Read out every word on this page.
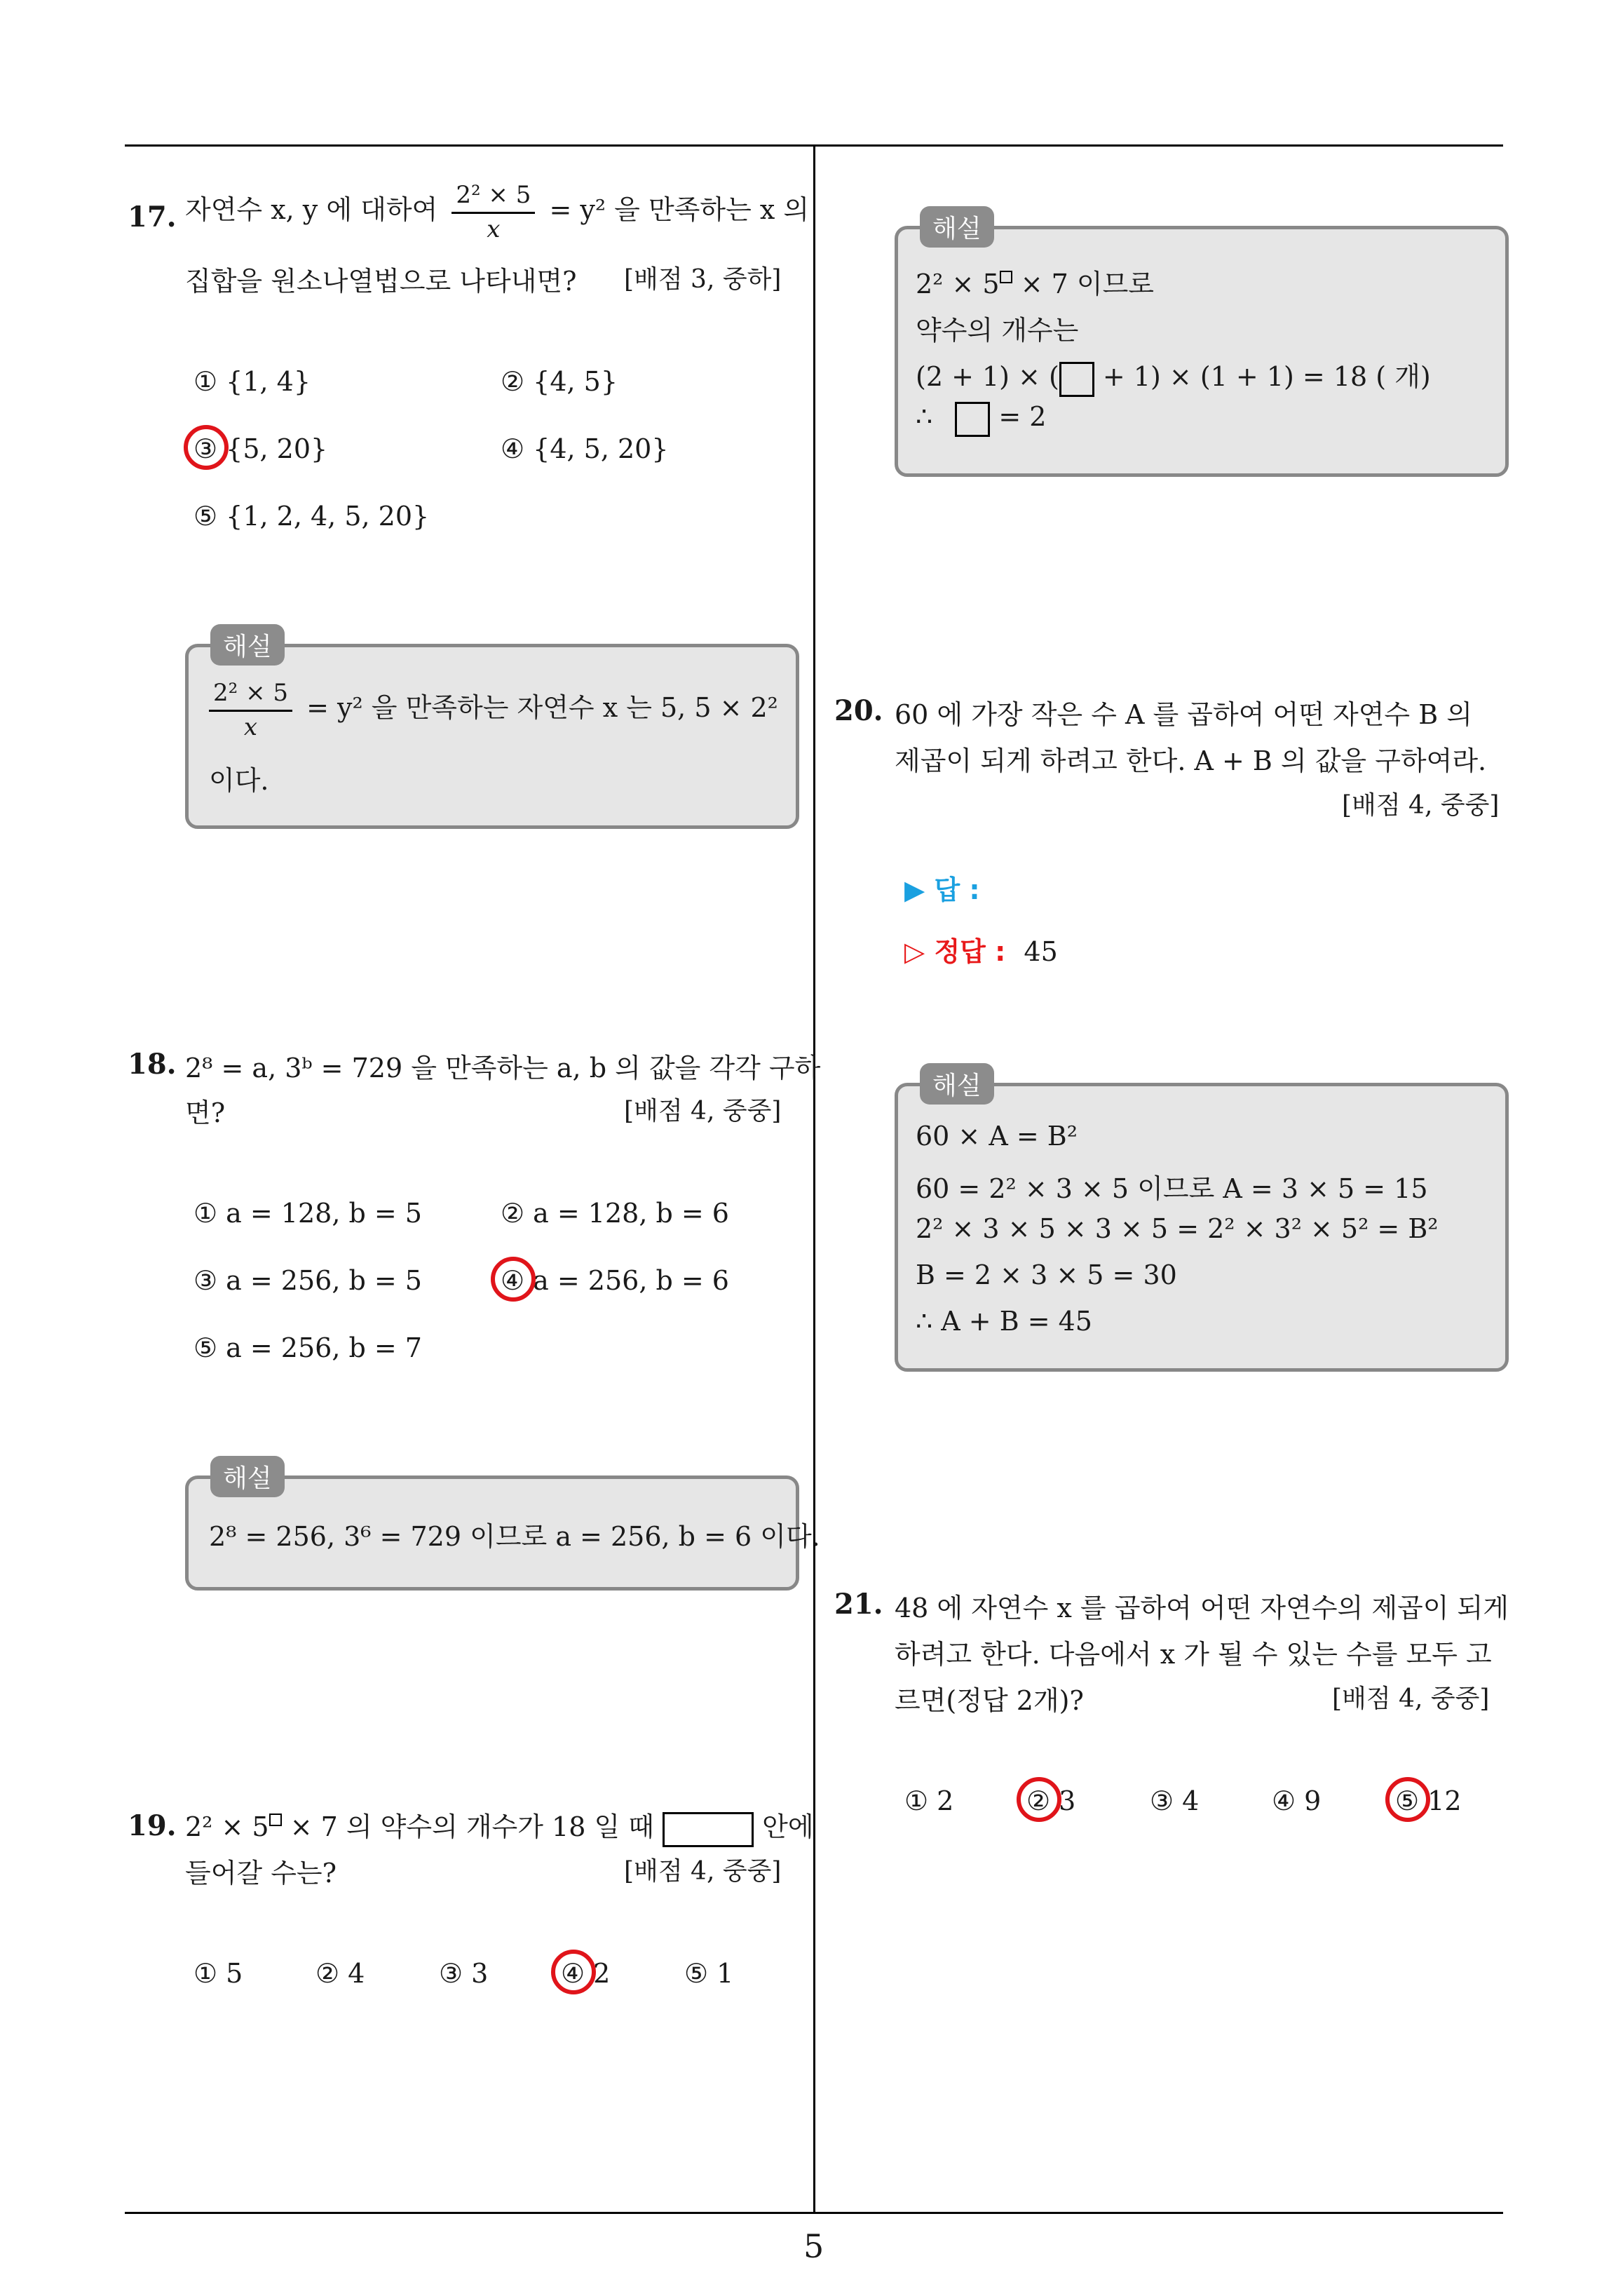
17. 자연수 x, y 에 대하여 $\frac{\text{2² × 5}}{x} = y^2$ 을 만족하는 x 의
집합을 원소나열법으로 나타내면? [배점 3, 중하]
① {1, 4}	② {4, 5}
③ {5, 20}	④ {4, 5, 20}
⑤ {1, 2, 4, 5, 20}
해설
$\frac{\text{2² × 5}}{x} = y^2$ 을 만족하는 자연수 x 는 5, 5 × 2²
이다.
18. 2⁸ = a, 3ᵇ = 729 을 만족하는 a, b 의 값을 각각 구하
면?	[배점 4, 중중]
① a = 128, b = 5	② a = 128, b = 6
③ a = 256, b = 5	④ a = 256, b = 6
⑤ a = 256, b = 7
해설
2⁸ = 256, 3⁶ = 729 이므로 a = 256, b = 6 이다.
19. 2² × 5 × 7 의 약수의 개수가 18 일 때	안에
들어갈 수는?	[배점 4, 중중]
① 5	② 4	③ 3	④ 2	⑤ 1
해설
2² × 5 × 7 이므로
약수의 개수는
(2 + 1) × ( + 1) × (1 + 1) = 18 ( 개)
∴ = 2
20. 60 에 가장 작은 수 A 를 곱하여 어떤 자연수 B 의
제곱이 되게 하려고 한다. A + B 의 값을 구하여라.
[배점 4, 중중]
▶ 답 :
▷ 정답 : 45
해설
60 × A = B²
60 = 2² × 3 × 5 이므로 A = 3 × 5 = 15
2² × 3 × 5 × 3 × 5 = 2² × 3² × 5² = B²
B = 2 × 3 × 5 = 30
∴ A + B = 45
21. 48 에 자연수 x 를 곱하여 어떤 자연수의 제곱이 되게
하려고 한다. 다음에서 x 가 될 수 있는 수를 모두 고
르면(정답 2개)?	[배점 4, 중중]
① 2	② 3	③ 4	④ 9	⑤ 12
5
